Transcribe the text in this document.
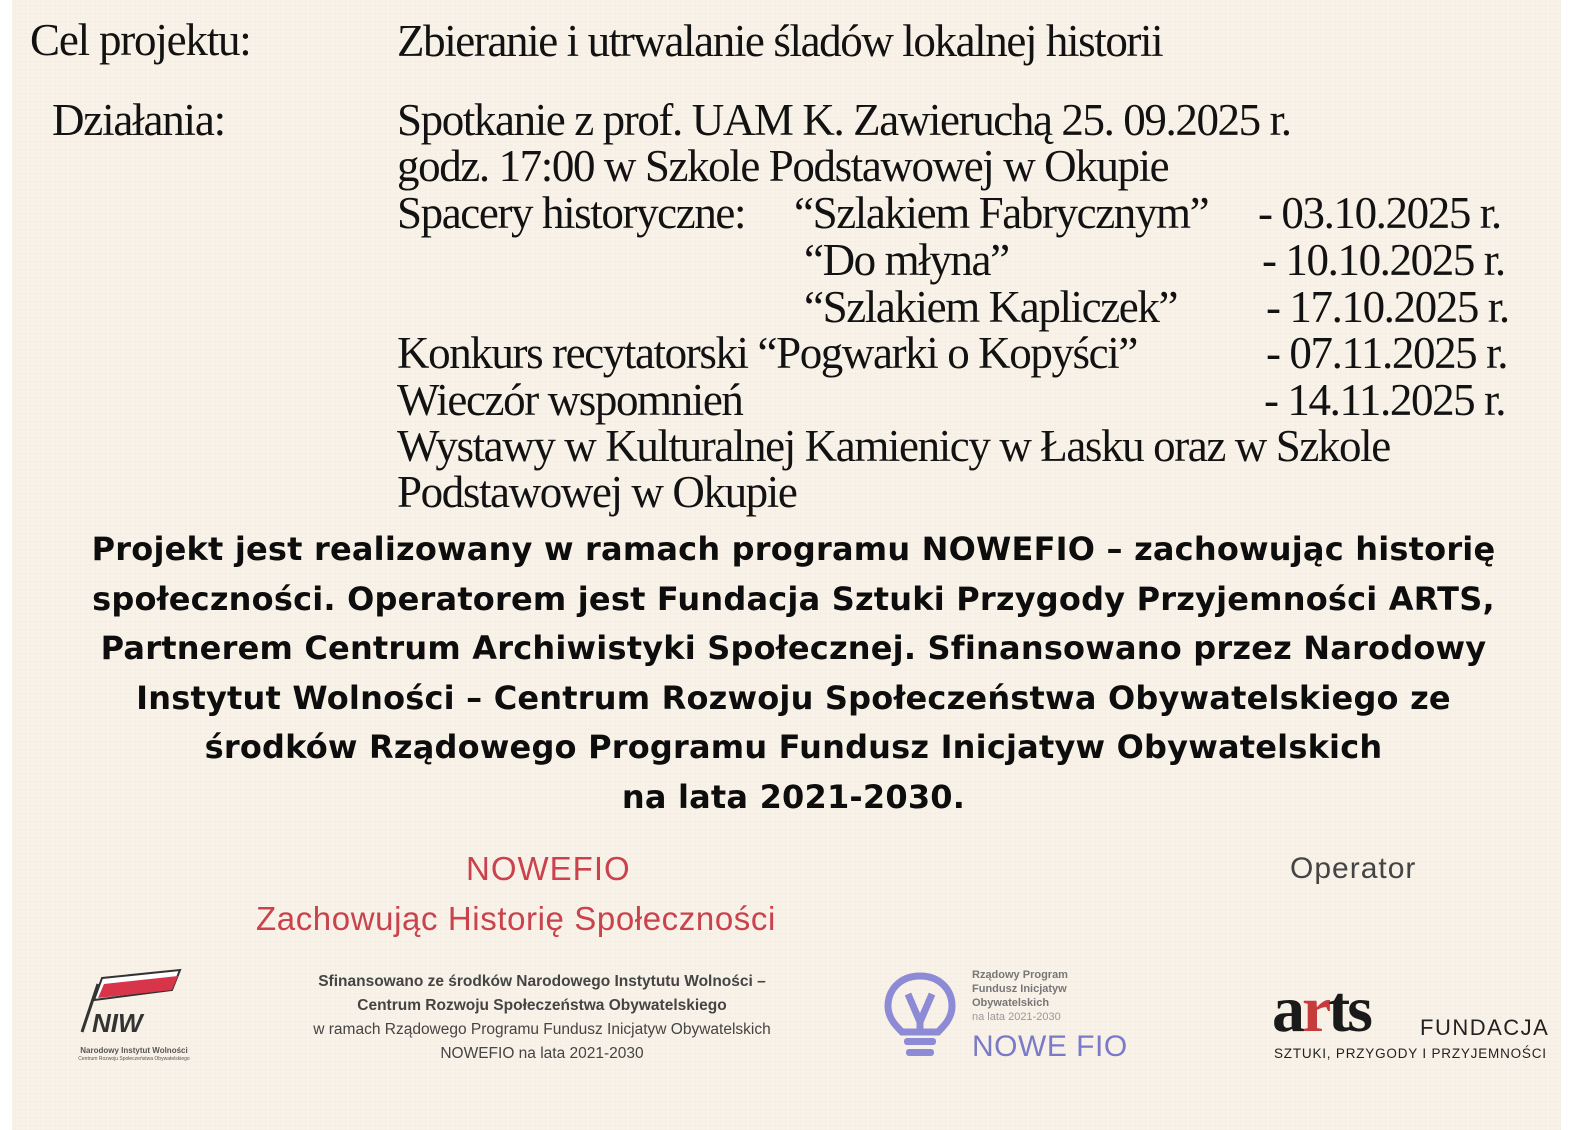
Cel projektu:	Zbieranie i utrwalanie śladów lokalnej historii
Działania:	Spotkanie z prof. UAM K. Zawieruchą 25. 09.2025 r.
godz. 17:00 w Szkole Podstawowej w Okupie
Spacery historyczne: “Szlakiem Fabrycznym” - 03.10.2025 r.
“Do młyna”	- 10.10.2025 r.
“Szlakiem Kapliczek” - 17.10.2025 r.
Konkurs recytatorski “Pogwarki o Kopyści”	- 07.11.2025 r.
Wieczór wspomnień	- 14.11.2025 r.
Wystawy w Kulturalnej Kamienicy w Łasku oraz w Szkole
Podstawowej w Okupie
Projekt jest realizowany w ramach programu NOWEFIO – zachowując historię
społeczności. Operatorem jest Fundacja Sztuki Przygody Przyjemności ARTS,
Partnerem Centrum Archiwistyki Społecznej. Sfinansowano przez Narodowy
Instytut Wolności – Centrum Rozwoju Społeczeństwa Obywatelskiego ze
środków Rządowego Programu Fundusz Inicjatyw Obywatelskich
na lata 2021-2030.
NOWEFIO
Zachowując Historię Społeczności
Operator
NIW
Narodowy Instytut Wolności
Centrum Rozwoju Społeczeństwa Obywatelskiego
Sfinansowano ze środków Narodowego Instytutu Wolności –
Centrum Rozwoju Społeczeństwa Obywatelskiego
w ramach Rządowego Programu Fundusz Inicjatyw Obywatelskich
NOWEFIO na lata 2021-2030
Rządowy Program
Fundusz Inicjatyw
Obywatelskich
na lata 2021-2030
NOWE FIO
arts FUNDACJA
SZTUKI, PRZYGODY I PRZYJEMNOŚCI
